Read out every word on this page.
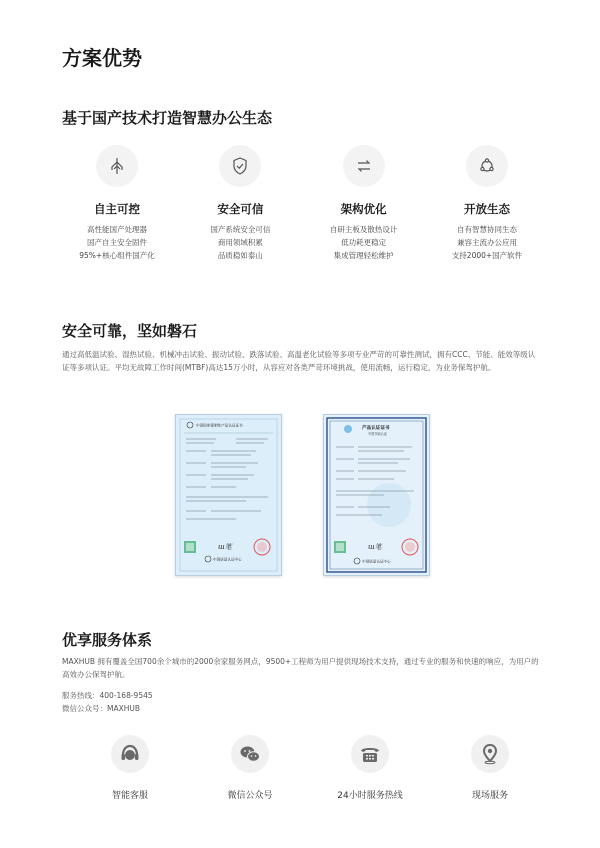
方案优势
基于国产技术打造智慧办公生态
自主可控
高性能国产处理器
国产自主安全固件
95%+核心组件国产化
安全可信
国产系统安全可信
商用领域积累
品质稳如泰山
架构优化
自研主板及散热设计
低功耗更稳定
集成管理轻松维护
开放生态
自有智慧协同生态
兼容主流办公应用
支持2000+国产软件
安全可靠，坚如磐石

通过高低温试验、湿热试验、机械冲击试验、振动试验、跌落试验、高温老化试验等多项专业严苛的可靠性测试，拥有CCC、节能、能效等级认证等多项认证。平均无故障工作时间(MTBF)高达15万小时，从容应对各类严苛环境挑战，使用流畅，运行稳定，为业务保驾护航。

中国国家强制性产品认证证书
ш笔
中国质量认证中心
产品认证证书
中国节能认证
ш笔
中国质量认证中心
优享服务体系

MAXHUB 拥有覆盖全国700余个城市的2000余家服务网点，9500+工程师为用户提供现场技术支持，通过专业的服务和快速的响应，为用户的高效办公保驾护航。

服务热线：400-168-9545

微信公众号：MAXHUB

智能客服	微信公众号	24小时服务热线	现场服务
